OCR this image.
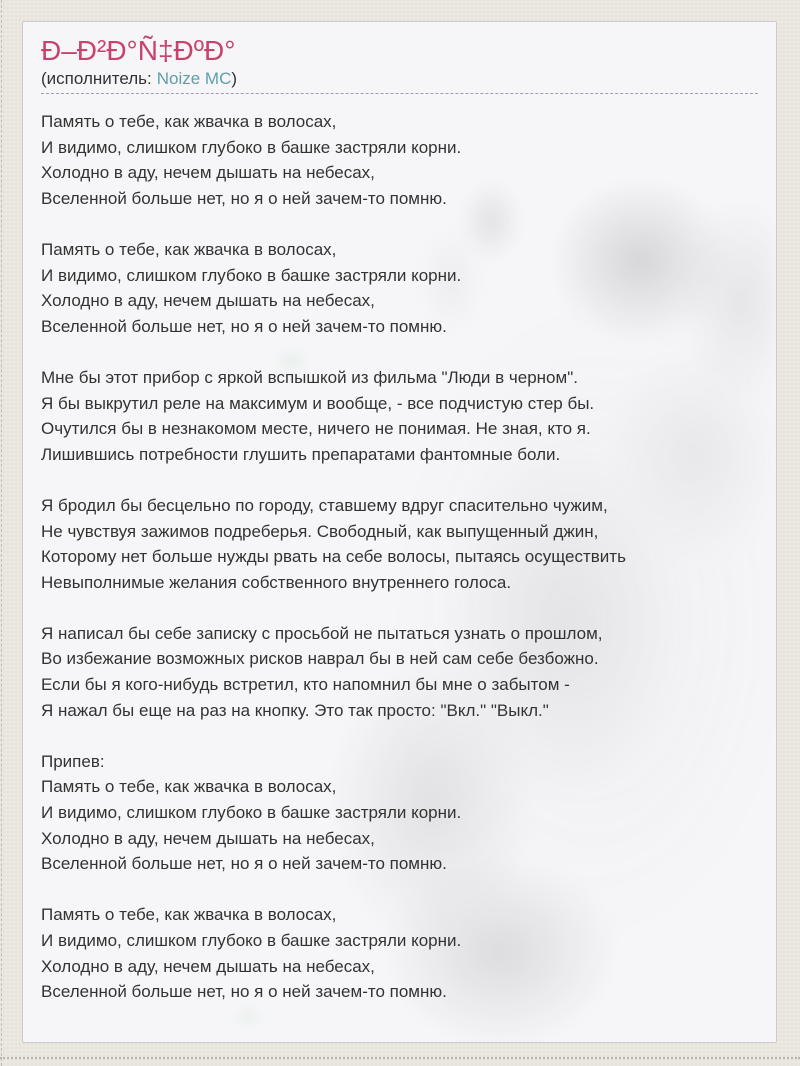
Ð–Ð²Ð°Ñ‡ÐºÐ°
(исполнитель: Noize MC)
Память о тебе, как жвачка в волосах,
И видимо, слишком глубоко в башке застряли корни.
Холодно в аду, нечем дышать на небесах,
Вселенной больше нет, но я о ней зачем-то помню.
Память о тебе, как жвачка в волосах,
И видимо, слишком глубоко в башке застряли корни.
Холодно в аду, нечем дышать на небесах,
Вселенной больше нет, но я о ней зачем-то помню.
Мне бы этот прибор с яркой вспышкой из фильма "Люди в черном".
Я бы выкрутил реле на максимум и вообще, - все подчистую стер бы.
Очутился бы в незнакомом месте, ничего не понимая. Не зная, кто я.
Лишившись потребности глушить препаратами фантомные боли.
Я бродил бы бесцельно по городу, ставшему вдруг спасительно чужим,
Не чувствуя зажимов подреберья. Свободный, как выпущенный джин,
Которому нет больше нужды рвать на себе волосы, пытаясь осуществить
Невыполнимые желания собственного внутреннего голоса.
Я написал бы себе записку с просьбой не пытаться узнать о прошлом,
Во избежание возможных рисков наврал бы в ней сам себе безбожно.
Если бы я кого-нибудь встретил, кто напомнил бы мне о забытом -
Я нажал бы еще на раз на кнопку. Это так просто: "Вкл." "Выкл."
Припев:
Память о тебе, как жвачка в волосах,
И видимо, слишком глубоко в башке застряли корни.
Холодно в аду, нечем дышать на небесах,
Вселенной больше нет, но я о ней зачем-то помню.
Память о тебе, как жвачка в волосах,
И видимо, слишком глубоко в башке застряли корни.
Холодно в аду, нечем дышать на небесах,
Вселенной больше нет, но я о ней зачем-то помню.
